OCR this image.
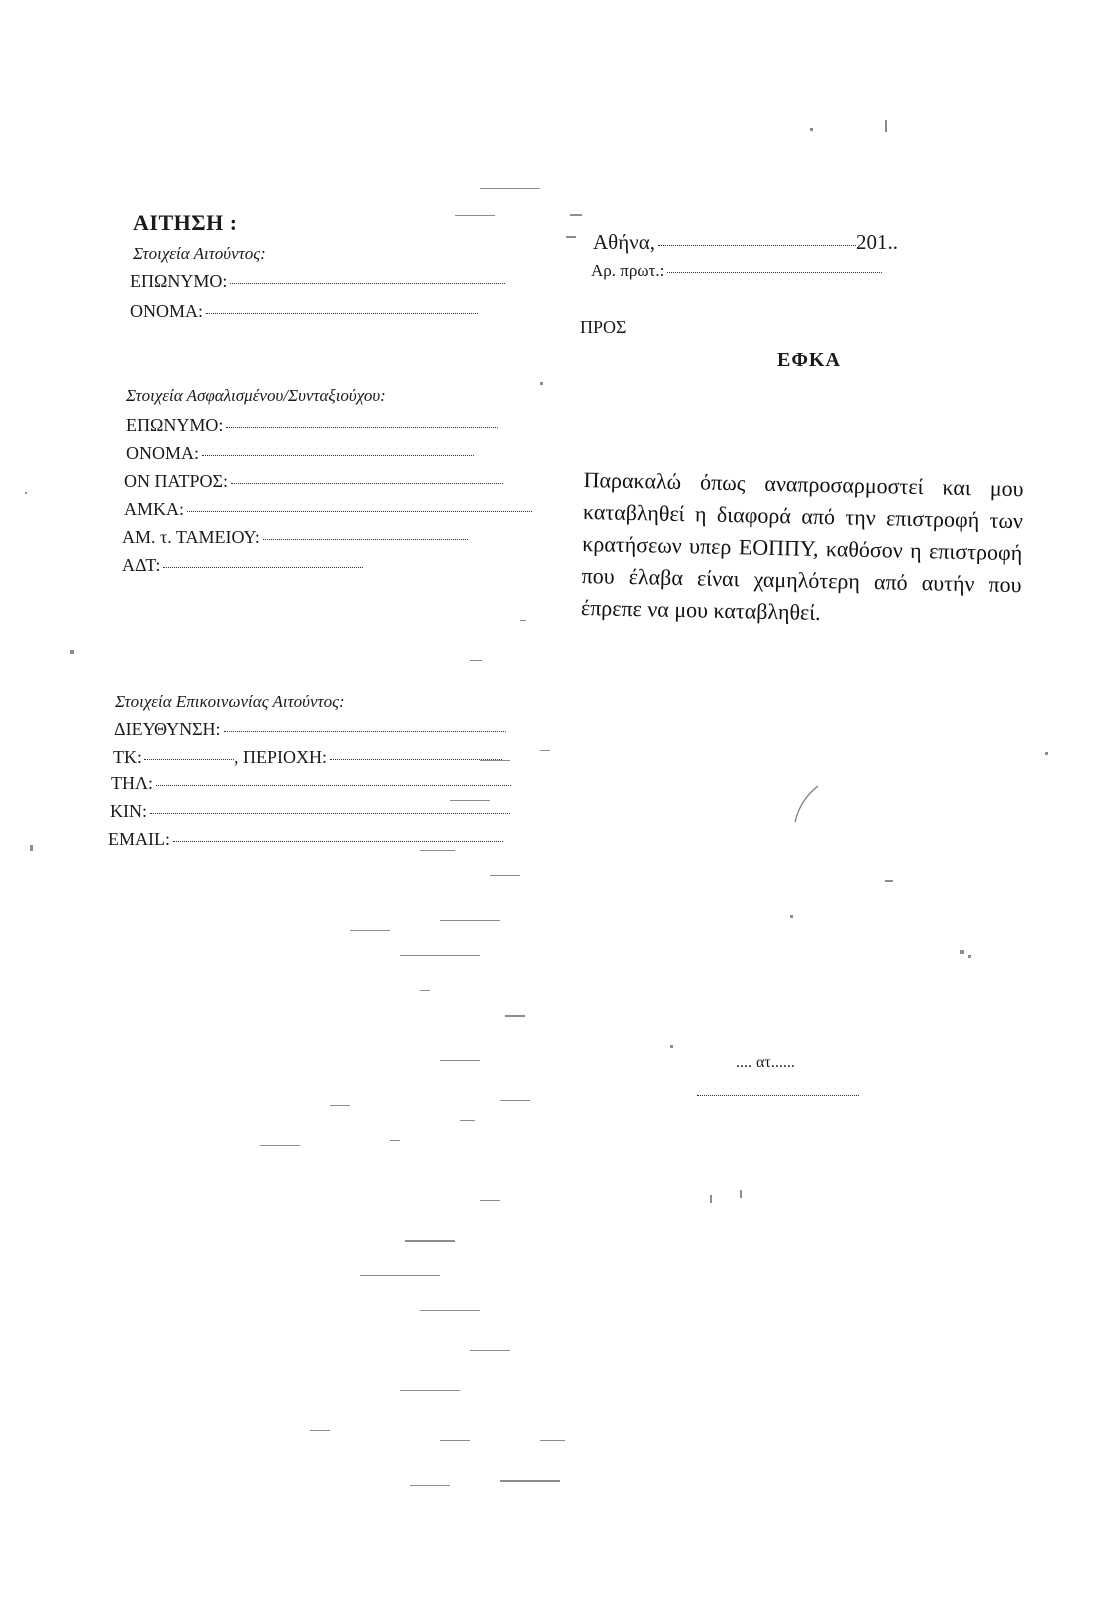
ΑΙΤΗΣΗ :
Στοιχεία Αιτούντος:
ΕΠΩΝΥΜΟ:
ΟΝΟΜΑ:
Στοιχεία Ασφαλισμένου/Συνταξιούχου:
ΕΠΩΝΥΜΟ:
ΟΝΟΜΑ:
ΟΝ ΠΑΤΡΟΣ:
ΑΜΚΑ:
ΑΜ. τ. ΤΑΜΕΙΟΥ:
ΑΔΤ:
Στοιχεία Επικοινωνίας Αιτούντος:
ΔΙΕΥΘΥΝΣΗ:
ΤΚ:	, ΠΕΡΙΟΧΗ:
ΤΗΛ:
ΚΙΝ:
EMAIL:
Αθήνα,	201..
Αρ. πρωτ.:
ΠΡΟΣ
ΕΦΚΑ
Παρακαλώ όπως αναπροσαρμοστεί και μου καταβληθεί η διαφορά από την επιστροφή των κρατήσεων υπερ ΕΟΠΠΥ, καθόσον η επιστροφή που έλαβα είναι χαμηλότερη από αυτήν που έπρεπε να μου καταβληθεί.
.... ατ......
